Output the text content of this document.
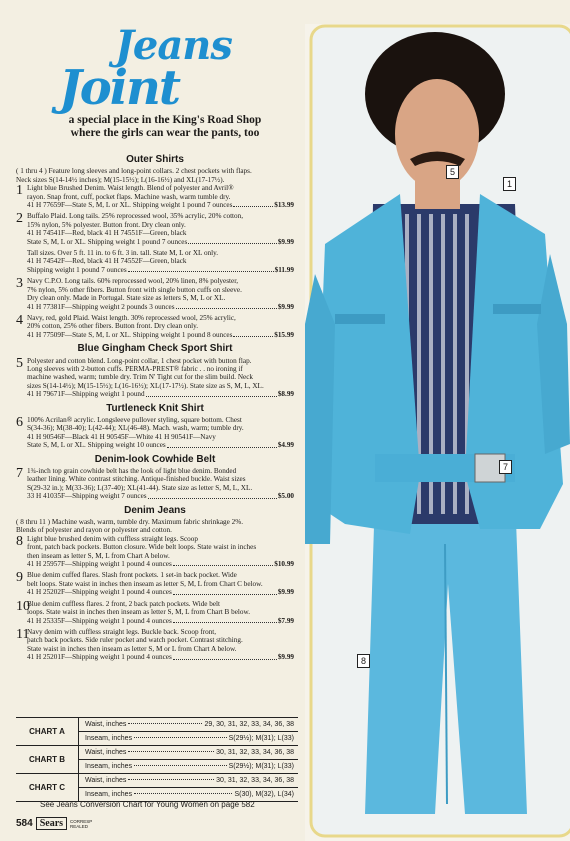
Jeans
Joint
a special place in the King's Road Shop
where the girls can wear the pants, too
Outer Shirts
( 1 thru 4 ) Feature long sleeves and long-point collars. 2 chest pockets with flaps.
Neck sizes S(14-14½ inches); M(15-15½); L(16-16½) and XL(17-17½).
1 Light blue Brushed Denim. Waist length. Blend of polyester and Avril®
rayon. Snap front, cuff, pocket flaps. Machine wash, warm tumble dry.
41 H 77659F—State S, M, L or XL. Shipping weight 1 pound 7 ounces	$13.99
2 Buffalo Plaid. Long tails. 25% reprocessed wool, 35% acrylic, 20% cotton,
15% nylon, 5% polyester. Button front. Dry clean only.
41 H 74541F—Red, black 41 H 74551F—Green, black
State S, M, L or XL. Shipping weight 1 pound 7 ounces	$9.99
Tall sizes. Over 5 ft. 11 in. to 6 ft. 3 in. tall. State M, L or XL only.
41 H 74542F—Red, black 41 H 74552F—Green, black
Shipping weight 1 pound 7 ounces	$11.99
3 Navy C.P.O. Long tails. 60% reprocessed wool, 20% linen, 8% polyester,
7% nylon, 5% other fibers. Button front with single button cuffs on sleeve.
Dry clean only. Made in Portugal. State size as letters S, M, L or XL.
41 H 77381F—Shipping weight 2 pounds 3 ounces	$9.99
4 Navy, red, gold Plaid. Waist length. 30% reprocessed wool, 25% acrylic,
20% cotton, 25% other fibers. Button front. Dry clean only.
41 H 77509F—State S, M, L or XL. Shipping weight 1 pound 8 ounces	$15.99
Blue Gingham Check Sport Shirt
5 Polyester and cotton blend. Long-point collar, 1 chest pocket with button flap.
Long sleeves with 2-button cuffs. PERMA-PREST® fabric . . no ironing if
machine washed, warm; tumble dry. Trim N' Tight cut for the slim build. Neck
sizes S(14-14½); M(15-15½); L(16-16½); XL(17-17½). State size as S, M, L, XL.
41 H 79671F—Shipping weight 1 pound	$8.99
Turtleneck Knit Shirt
6 100% Acrilan® acrylic. Longsleeve pullover styling, square bottom. Chest
S(34-36); M(38-40); L(42-44); XL(46-48). Mach. wash, warm; tumble dry.
41 H 90546F—Black 41 H 90545F—White 41 H 90541F—Navy
State S, M, L or XL. Shipping weight 10 ounces	$4.99
Denim-look Cowhide Belt
7 1¾-inch top grain cowhide belt has the look of light blue denim. Bonded
leather lining. White contrast stitching. Antique-finished buckle. Waist sizes
S(29-32 in.); M(33-36); L(37-40); XL(41-44). State size as letter S, M, L, XL.
33 H 41035F—Shipping weight 7 ounces	$5.00
Denim Jeans
( 8 thru 11 ) Machine wash, warm, tumble dry. Maximum fabric shrinkage 2%.
Blends of polyester and rayon or polyester and cotton.
8 Light blue brushed denim with cuffless straight legs. Scoop
front, patch back pockets. Button closure. Wide belt loops. State waist in inches
then inseam as letter S, M, L from Chart A below.
41 H 25957F—Shipping weight 1 pound 4 ounces	$10.99
9 Blue denim cuffed flares. Slash front pockets. 1 set-in back pocket. Wide
belt loops. State waist in inches then inseam as letter S, M, L from Chart C below.
41 H 25202F—Shipping weight 1 pound 4 ounces	$9.99
10
Blue denim cuffless flares. 2 front, 2 back patch pockets. Wide belt
loops. State waist in inches then inseam as letter S, M, L from Chart B below.
41 H 25335F—Shipping weight 1 pound 4 ounces	$7.99
11
Navy denim with cuffless straight legs. Buckle back. Scoop front,
patch back pockets. Side ruler pocket and watch pocket. Contrast stitching.
State waist in inches then inseam as letter S, M or L from Chart A below.
41 H 25201F—Shipping weight 1 pound 4 ounces	$9.99
CHART A
Waist, inches	29, 30, 31, 32, 33, 34, 36, 38
Inseam, inches	S(29½); M(31); L(33)
CHART B
Waist, inches	30, 31, 32, 33, 34, 36, 38
Inseam, inches	S(29½); M(31); L(33)
CHART C
Waist, inches	30, 31, 32, 33, 34, 36, 38
Inseam, inches	S(30), M(32), L(34)
See Jeans Conversion Chart for Young Women on page 582
584 Sears	CORRESP
REALED
5
1
7
8
